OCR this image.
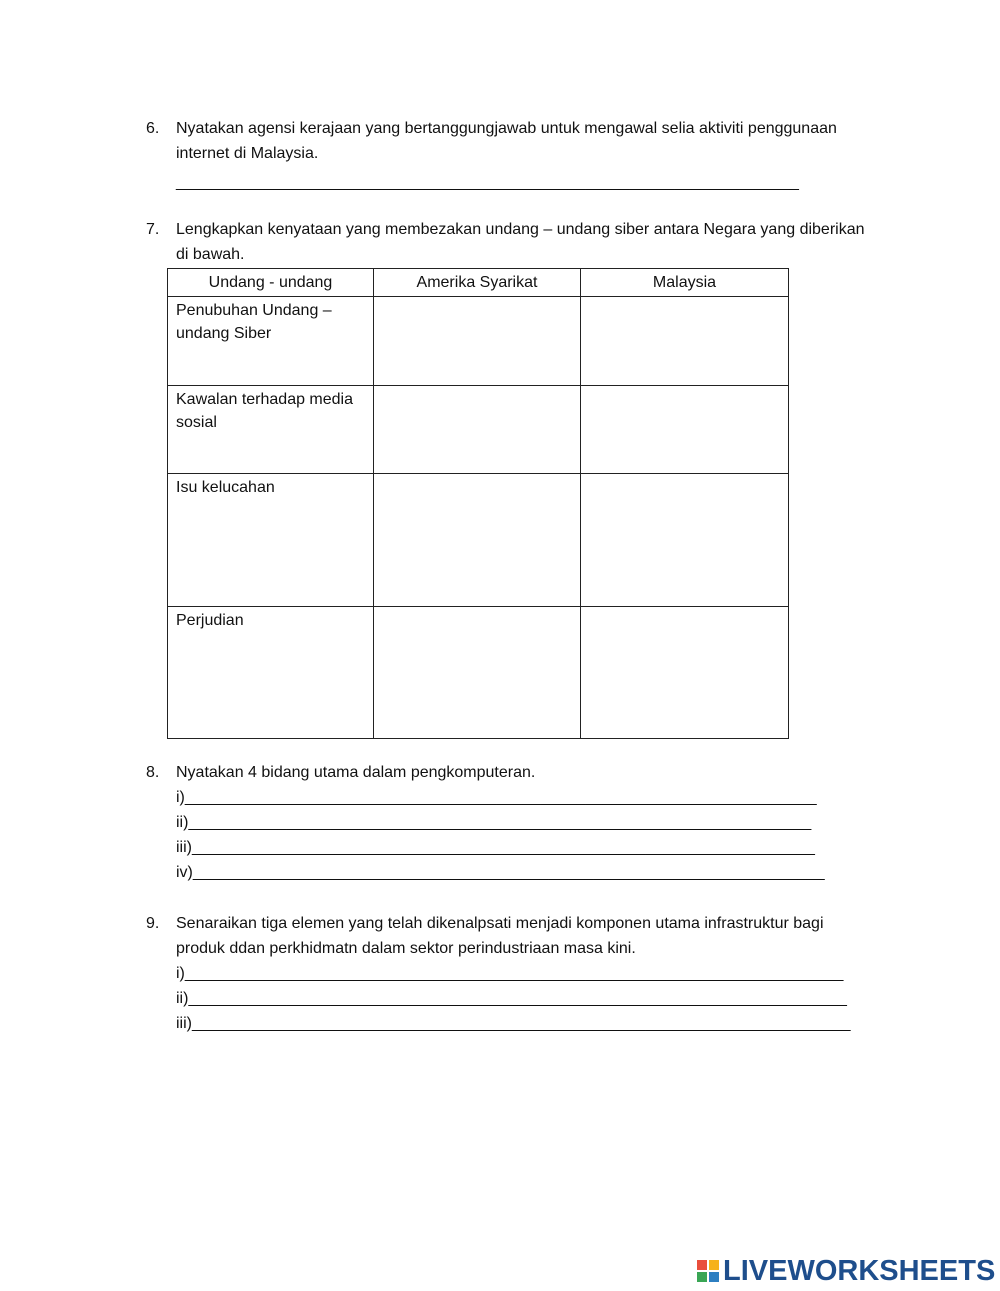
6. Nyatakan agensi kerajaan yang bertanggungjawab untuk mengawal selia aktiviti penggunaan
internet di Malaysia.
______________________________________________________________________
7. Lengkapkan kenyataan yang membezakan undang – undang siber antara Negara yang diberikan
di bawah.
Undang - undang	Amerika Syarikat	Malaysia
Penubuhan Undang – undang Siber		
Kawalan terhadap media sosial		
Isu kelucahan		
Perjudian		
8. Nyatakan 4 bidang utama dalam pengkomputeran.
i)_______________________________________________________________________
ii)______________________________________________________________________
iii)______________________________________________________________________
iv)_______________________________________________________________________
9. Senaraikan tiga elemen yang telah dikenalpsati menjadi komponen utama infrastruktur bagi
produk ddan perkhidmatn dalam sektor perindustriaan masa kini.
i)__________________________________________________________________________
ii)__________________________________________________________________________
iii)__________________________________________________________________________
LIVEWORKSHEETS
